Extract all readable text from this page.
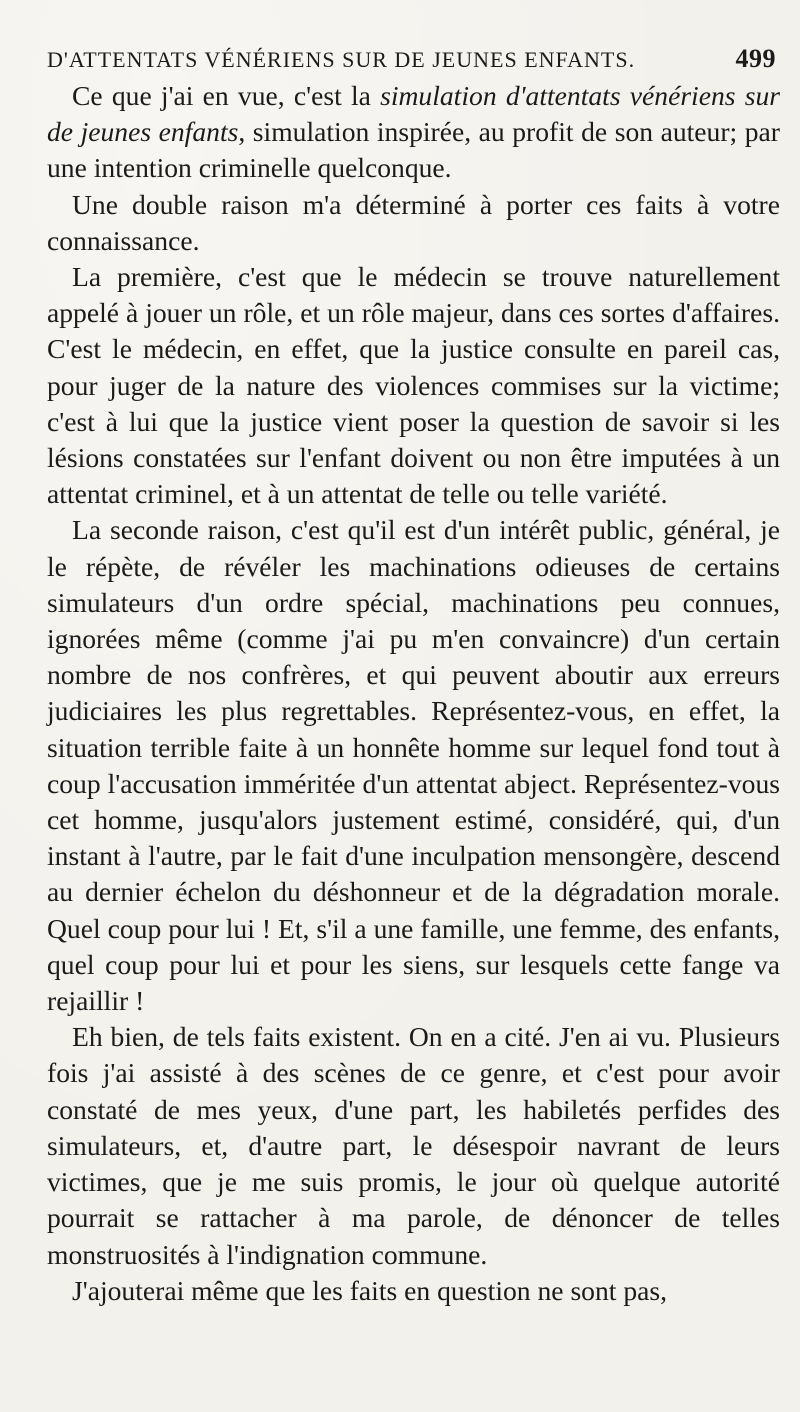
D'ATTENTATS VÉNÉRIENS SUR DE JEUNES ENFANTS.	499

Ce que j'ai en vue, c'est la simulation d'attentats vénériens sur de jeunes enfants, simulation inspirée, au profit de son auteur; par une intention criminelle quelconque.

Une double raison m'a déterminé à porter ces faits à votre connaissance.

La première, c'est que le médecin se trouve naturellement appelé à jouer un rôle, et un rôle majeur, dans ces sortes d'affaires. C'est le médecin, en effet, que la justice consulte en pareil cas, pour juger de la nature des violences commises sur la victime; c'est à lui que la justice vient poser la question de savoir si les lésions constatées sur l'enfant doivent ou non être imputées à un attentat criminel, et à un attentat de telle ou telle variété.

La seconde raison, c'est qu'il est d'un intérêt public, général, je le répète, de révéler les machinations odieuses de certains simulateurs d'un ordre spécial, machinations peu connues, ignorées même (comme j'ai pu m'en convaincre) d'un certain nombre de nos confrères, et qui peuvent aboutir aux erreurs judiciaires les plus regrettables. Représentez-vous, en effet, la situation terrible faite à un honnête homme sur lequel fond tout à coup l'accusation imméritée d'un attentat abject. Représentez-vous cet homme, jusqu'alors justement estimé, considéré, qui, d'un instant à l'autre, par le fait d'une inculpation mensongère, descend au dernier échelon du déshonneur et de la dégradation morale. Quel coup pour lui ! Et, s'il a une famille, une femme, des enfants, quel coup pour lui et pour les siens, sur lesquels cette fange va rejaillir !

Eh bien, de tels faits existent. On en a cité. J'en ai vu. Plusieurs fois j'ai assisté à des scènes de ce genre, et c'est pour avoir constaté de mes yeux, d'une part, les habiletés perfides des simulateurs, et, d'autre part, le désespoir navrant de leurs victimes, que je me suis promis, le jour où quelque autorité pourrait se rattacher à ma parole, de dénoncer de telles monstruosités à l'indignation commune.

J'ajouterai même que les faits en question ne sont pas,
